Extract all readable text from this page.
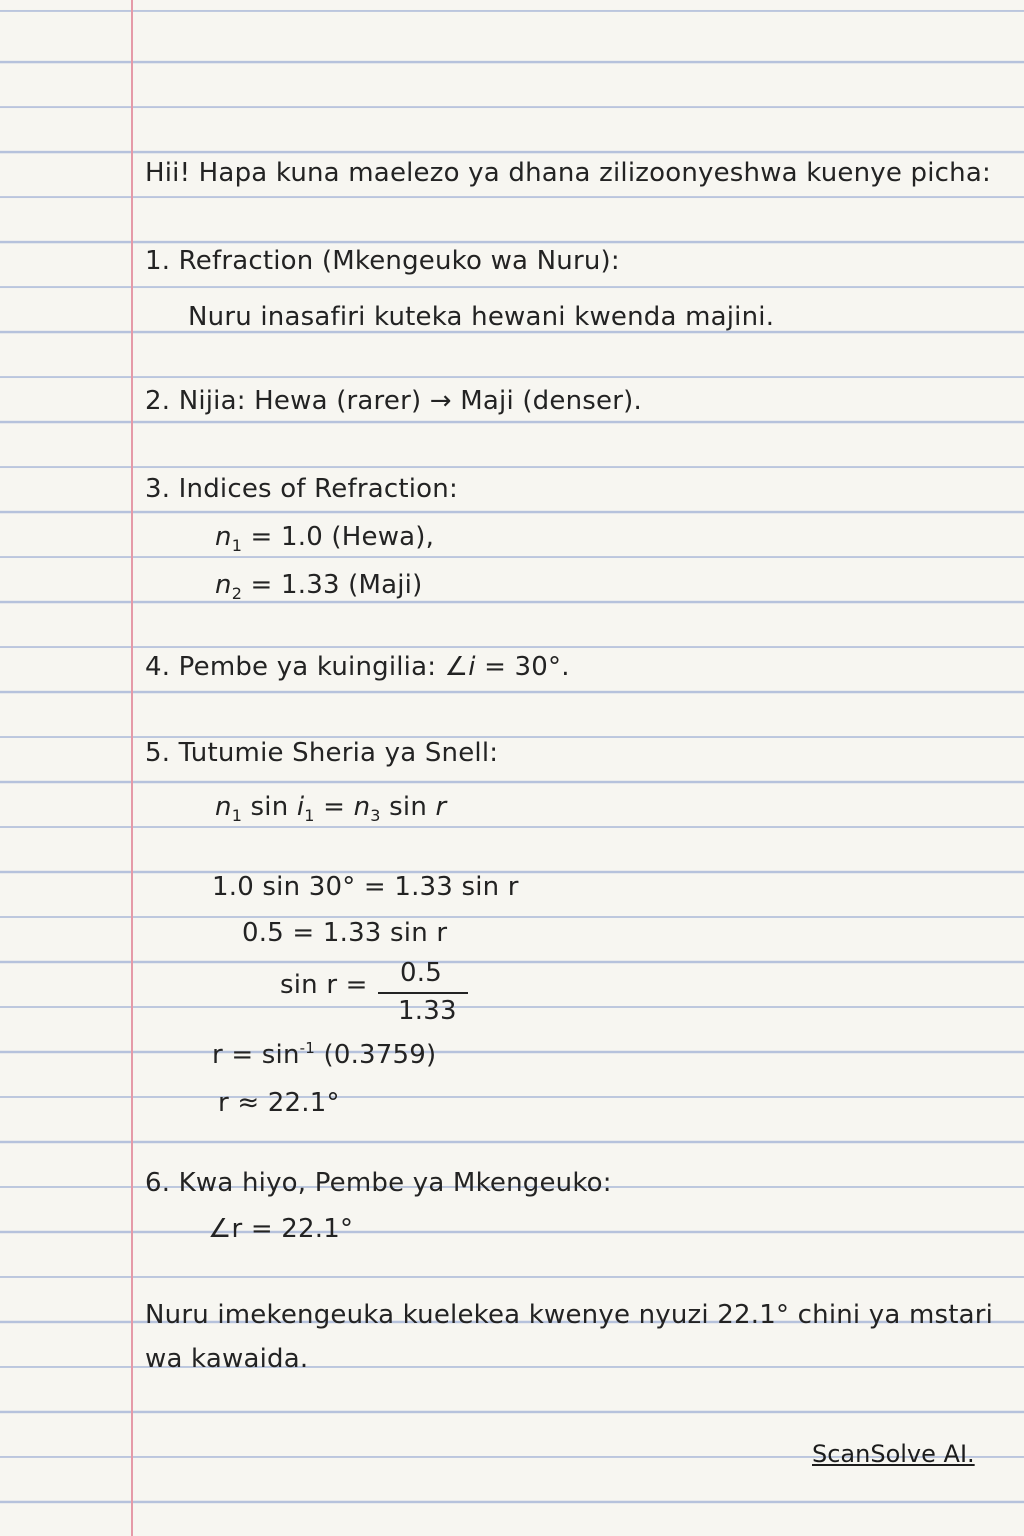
Hii! Hapa kuna maelezo ya dhana zilizoonyeshwa kuenye picha:
1. Refraction (Mkengeuko wa Nuru):
Nuru inasafiri kuteka hewani kwenda majini.
2. Nijia: Hewa (rarer) → Maji (denser).
3. Indices of Refraction:
$n_1 = 1.0$ (Hewa),
$n_2 = 1.33$ (Maji)
4. Pembe ya kuingilia: ∠i = 30°.
5. Tutumie Sheria ya Snell:
$n_1$ $\sin i_1 = n_3$ sin r
1.0 sin 30° = 1.33 sin r
0.5 = 1.33 sin r
sin r = 0.5
1.33
$r = \sin^{-1} (0.3759)$
r ≈ 22.1°
6. Kwa hiyo, Pembe ya Mkengeuko:
∠r = 22.1°
Nuru imekengeuka kuelekea kwenye nyuzi 22.1° chini ya mstari
wa kawaida.
ScanSolve AI.
